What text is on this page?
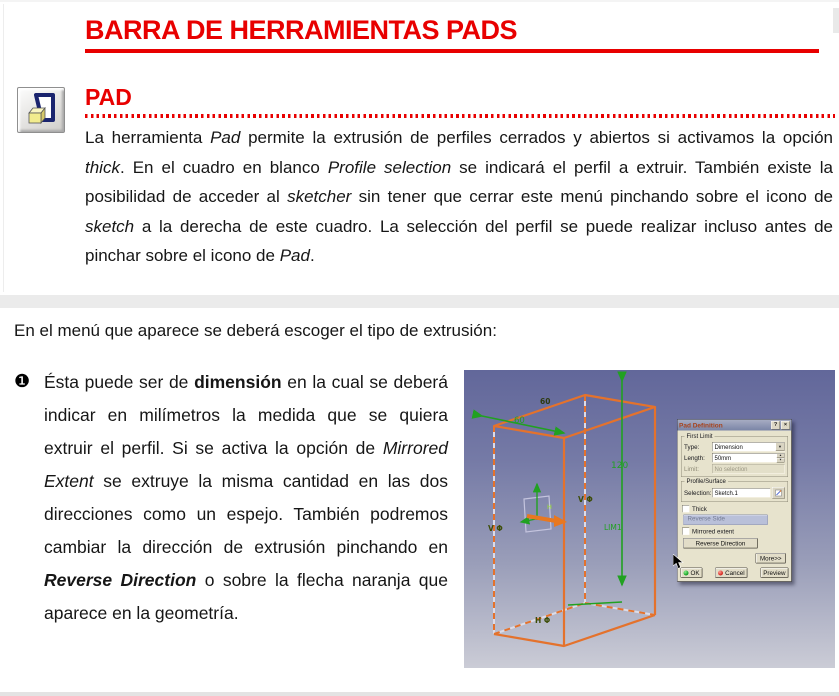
BARRA DE HERRAMIENTAS PADS
PAD
La herramienta Pad permite la extrusión de perfiles cerrados y abiertos si activamos la opción thick. En el cuadro en blanco Profile selection se indicará el perfil a extruir. También existe la posibilidad de acceder al sketcher sin tener que cerrar este menú pinchando sobre el icono de sketch a la derecha de este cuadro. La selección del perfil se puede realizar incluso antes de pinchar sobre el icono de Pad.
En el menú que aparece se deberá escoger el tipo de extrusión:
❶ Ésta puede ser de dimensión en la cual se deberá indicar en milímetros la medida que se quiera extruir el perfil. Si se activa la opción de Mirrored Extent se extruye la misma cantidad en las dos direcciones como un espejo. También podremos cambiar la dirección de extrusión pinchando en Reverse Direction o sobre la flecha naranja que aparece en la geometría.
60
60
120
LIM1
H
V Φ
V Φ
H Φ
Pad Definition	? ×
First Limit
Type:	Dimension	▼
Length: 50mm	▲
▼
Limit:	No selection
Profile/Surface
Selection: Sketch.1
Thick
Reverse Side
Mirrored extent
Reverse Direction
More>>
OK Cancel Preview
